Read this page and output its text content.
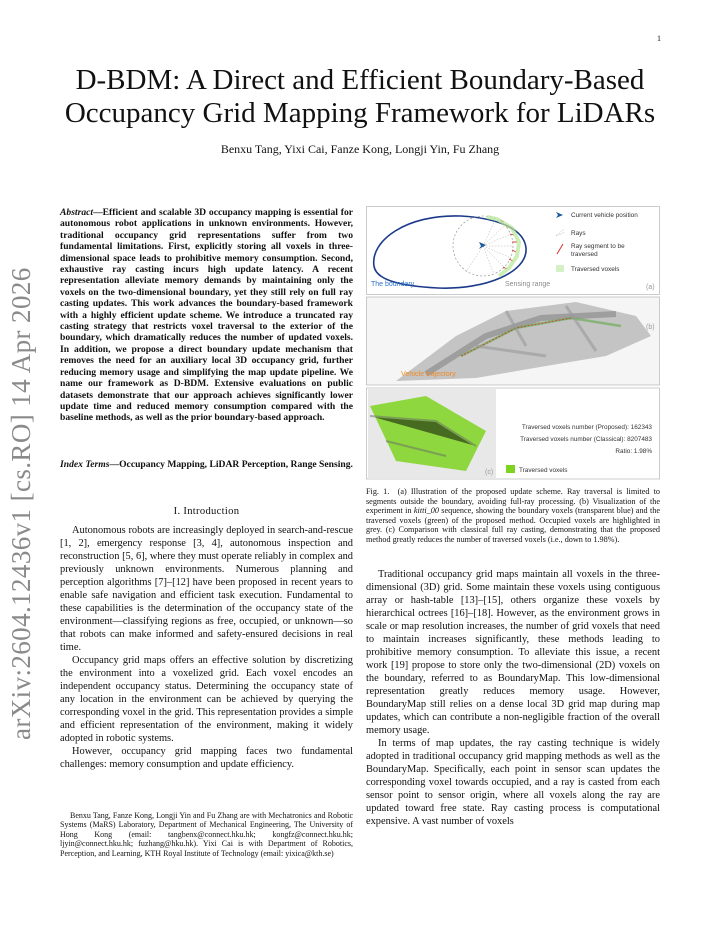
1
arXiv:2604.12436v1 [cs.RO] 14 Apr 2026
D-BDM: A Direct and Efficient Boundary-Based
Occupancy Grid Mapping Framework for LiDARs
Benxu Tang, Yixi Cai, Fanze Kong, Longji Yin, Fu Zhang
Abstract—Efficient and scalable 3D occupancy mapping is essential for autonomous robot applications in unknown environments. However, traditional occupancy grid representations suffer from two fundamental limitations. First, explicitly storing all voxels in three-dimensional space leads to prohibitive memory consumption. Second, exhaustive ray casting incurs high update latency. A recent representation alleviate memory demands by maintaining only the voxels on the two-dimensional boundary, yet they still rely on full ray casting updates. This work advances the boundary-based framework with a highly efficient update scheme. We introduce a truncated ray casting strategy that restricts voxel traversal to the exterior of the boundary, which dramatically reduces the number of updated voxels. In addition, we propose a direct boundary update mechanism that removes the need for an auxiliary local 3D occupancy grid, further reducing memory usage and simplifying the map update pipeline. We name our framework as D-BDM. Extensive evaluations on public datasets demonstrate that our approach achieves significantly lower update time and reduced memory consumption compared with the baseline methods, as well as the prior boundary-based approach.
Index Terms—Occupancy Mapping, LiDAR Perception, Range Sensing.
I. Introduction

Autonomous robots are increasingly deployed in search-and-rescue [1, 2], emergency response [3, 4], autonomous inspection and reconstruction [5, 6], where they must operate reliably in complex and previously unknown environments. Numerous planning and perception algorithms [7]–[12] have been proposed in recent years to enable safe navigation and efficient task execution. Fundamental to these capabilities is the determination of the occupancy state of the environment—classifying regions as free, occupied, or unknown—so that robots can make informed and safety-ensured decisions in real time.

Occupancy grid maps offers an effective solution by discretizing the environment into a voxelized grid. Each voxel encodes an independent occupancy status. Determining the occupancy state of any location in the environment can be achieved by querying the corresponding voxel in the grid. This representation provides a simple and efficient representation of the environment, making it widely adopted in robotic systems.

However, occupancy grid mapping faces two fundamental challenges: memory consumption and update efficiency.

Benxu Tang, Fanze Kong, Longji Yin and Fu Zhang are with Mechatronics and Robotic Systems (MaRS) Laboratory, Department of Mechanical Engineering, The University of Hong Kong (email: tangbenx@connect.hku.hk; kongfz@connect.hku.hk; ljyin@connect.hku.hk; fuzhang@hku.hk). Yixi Cai is with Department of Robotics, Perception, and Learning, KTH Royal Institute of Technology (email: yixica@kth.se)

Current vehicle position
Rays
Ray segment to be
traversed
Traversed voxels
The boundary	Sensing range	(a)
Vehicle trajectory
(b)
(c)
Traversed voxels number (Proposed): 162343
Traversed voxels number (Classical): 8207483
Ratio: 1.98%
Traversed voxels
Fig. 1. (a) Illustration of the proposed update scheme. Ray traversal is limited to segments outside the boundary, avoiding full-ray processing. (b) Visualization of the experiment in kitti_00 sequence, showing the boundary voxels (transparent blue) and the traversed voxels (green) of the proposed method. Occupied voxels are highlighted in grey. (c) Comparison with classical full ray casting, demonstrating that the proposed method greatly reduces the number of traversed voxels (i.e., down to 1.98%).

Traditional occupancy grid maps maintain all voxels in the three-dimensional (3D) grid. Some maintain these voxels using contiguous array or hash-table [13]–[15], others organize these voxels by hierarchical octrees [16]–[18]. However, as the environment grows in scale or map resolution increases, the number of grid voxels that need to maintain increases significantly, these methods leading to prohibitive memory consumption. To alleviate this issue, a recent work [19] propose to store only the two-dimensional (2D) voxels on the boundary, referred to as BoundaryMap. This low-dimensional representation greatly reduces memory usage. However, BoundaryMap still relies on a dense local 3D grid map during map updates, which can contribute a non-negligible fraction of the overall memory usage.

In terms of map updates, the ray casting technique is widely adopted in traditional occupancy grid mapping methods as well as the BoundaryMap. Specifically, each point in sensor scan updates the corresponding voxel towards occupied, and a ray is casted from each sensor point to sensor origin, where all voxels along the ray are updated toward free state. Ray casting process is computational expensive. A vast number of voxels
